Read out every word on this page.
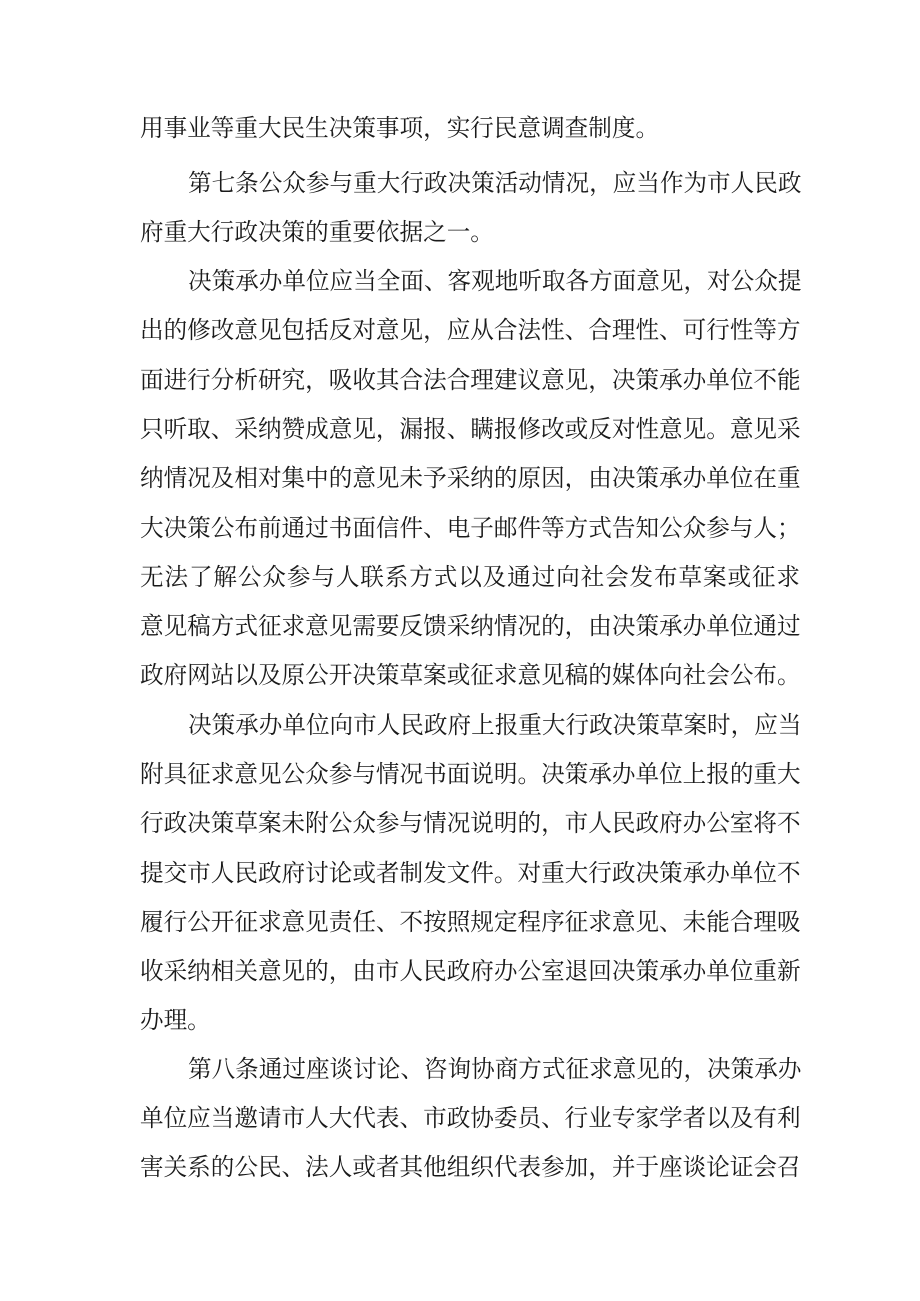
用事业等重大民生决策事项，实行民意调查制度。
第七条公众参与重大行政决策活动情况，应当作为市人民政
府重大行政决策的重要依据之一。
决策承办单位应当全面、客观地听取各方面意见，对公众提
出的修改意见包括反对意见，应从合法性、合理性、可行性等方
面进行分析研究，吸收其合法合理建议意见，决策承办单位不能
只听取、采纳赞成意见，漏报、瞒报修改或反对性意见。意见采
纳情况及相对集中的意见未予采纳的原因，由决策承办单位在重
大决策公布前通过书面信件、电子邮件等方式告知公众参与人；
无法了解公众参与人联系方式以及通过向社会发布草案或征求
意见稿方式征求意见需要反馈采纳情况的，由决策承办单位通过
政府网站以及原公开决策草案或征求意见稿的媒体向社会公布。
决策承办单位向市人民政府上报重大行政决策草案时，应当
附具征求意见公众参与情况书面说明。决策承办单位上报的重大
行政决策草案未附公众参与情况说明的，市人民政府办公室将不
提交市人民政府讨论或者制发文件。对重大行政决策承办单位不
履行公开征求意见责任、不按照规定程序征求意见、未能合理吸
收采纳相关意见的，由市人民政府办公室退回决策承办单位重新
办理。
第八条通过座谈讨论、咨询协商方式征求意见的，决策承办
单位应当邀请市人大代表、市政协委员、行业专家学者以及有利
害关系的公民、法人或者其他组织代表参加，并于座谈论证会召
